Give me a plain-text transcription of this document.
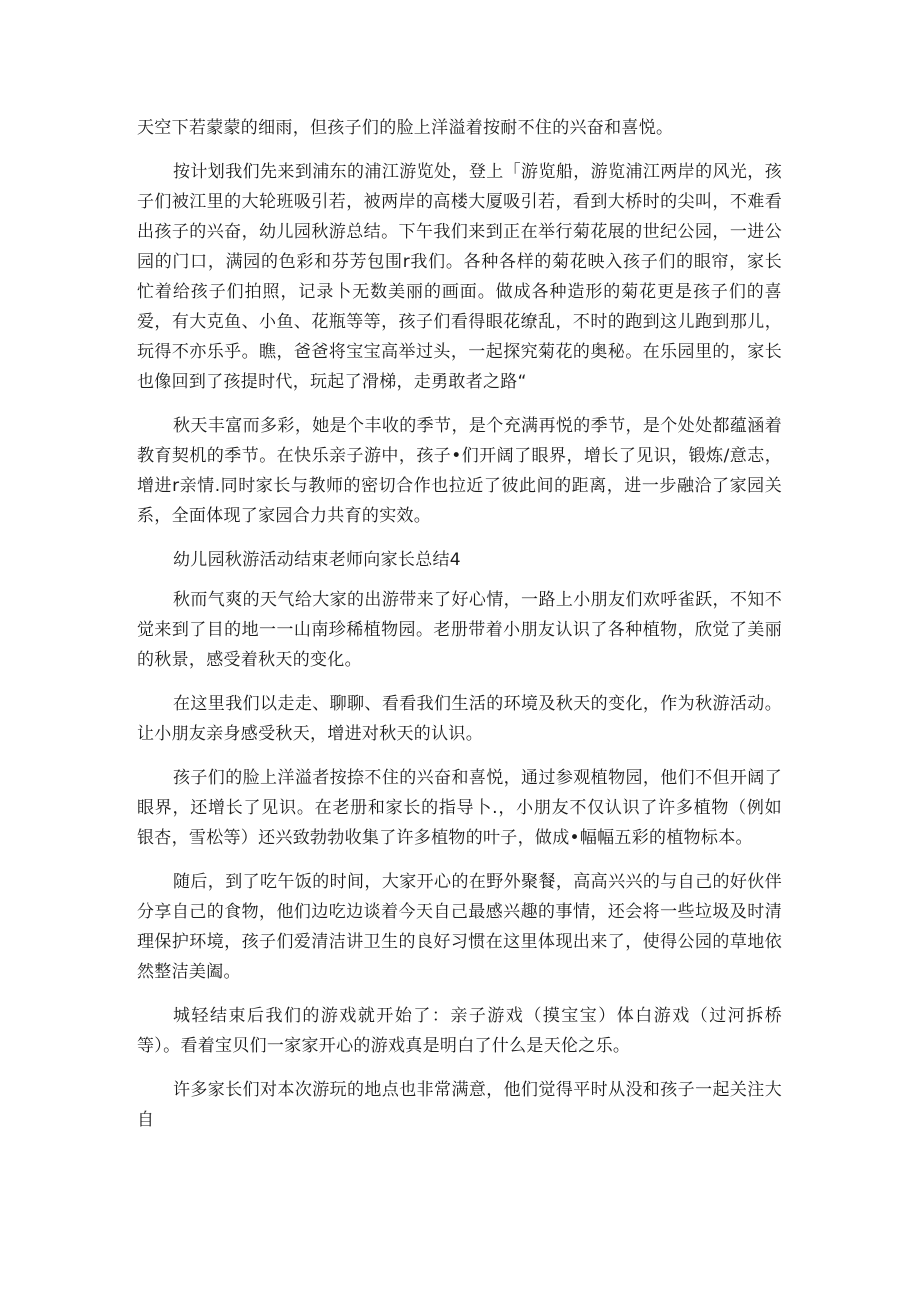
天空下若蒙蒙的细雨，但孩子们的脸上洋溢着按耐不住的兴奋和喜悦。

按计划我们先来到浦东的浦江游览处，登上「游览船，游览浦江两岸的风光，孩子们被江里的大轮班吸引若，被两岸的高楼大厦吸引若，看到大桥时的尖叫，不难看出孩子的兴奋，幼儿园秋游总结。下午我们来到正在举行菊花展的世纪公园，一进公园的门口，满园的色彩和芬芳包围r我们。各种各样的菊花映入孩子们的眼帘，家长忙着给孩子们拍照，记录卜无数美丽的画面。做成各种造形的菊花更是孩子们的喜爱，有大克鱼、小鱼、花瓶等等，孩子们看得眼花缭乱，不时的跑到这儿跑到那儿，玩得不亦乐乎。瞧，爸爸将宝宝高举过头，一起探究菊花的奥秘。在乐园里的，家长也像回到了孩提时代，玩起了滑梯，走勇敢者之路“

秋天丰富而多彩，她是个丰收的季节，是个充满再悦的季节，是个处处都蕴涵着教育契机的季节。在快乐亲子游中，孩子•们开阔了眼界，增长了见识，锻炼/意志，增进r亲情.同时家长与教师的密切合作也拉近了彼此间的距离，进一步融洽了家园关系，全面体现了家园合力共育的实效。

幼儿园秋游活动结束老师向家长总结4

秋而气爽的天气给大家的出游带来了好心情，一路上小朋友们欢呼雀跃，不知不觉来到了目的地一一山南珍稀植物园。老册带着小朋友认识了各种植物，欣觉了美丽的秋景，感受着秋天的变化。

在这里我们以走走、聊聊、看看我们生活的环境及秋天的变化，作为秋游活动。让小朋友亲身感受秋天，增进对秋天的认识。

孩子们的脸上洋溢者按捺不住的兴奋和喜悦，通过参观植物园，他们不但开阔了眼界，还增长了见识。在老册和家长的指导卜.，小朋友不仅认识了许多植物（例如银杏，雪松等）还兴致勃勃收集了许多植物的叶子，做成•幅幅五彩的植物标本。

随后，到了吃午饭的时间，大家开心的在野外聚餐，高高兴兴的与自己的好伙伴分享自己的食物，他们边吃边谈着今天自己最感兴趣的事情，还会将一些垃圾及时清理保护环境，孩子们爱清洁讲卫生的良好习惯在这里体现出来了，使得公园的草地依然整洁美阖。

城轻结束后我们的游戏就开始了：亲子游戏（摸宝宝）体白游戏（过河拆桥等）。看着宝贝们一家家开心的游戏真是明白了什么是天伦之乐。

许多家长们对本次游玩的地点也非常满意，他们觉得平时从没和孩子一起关注大自
